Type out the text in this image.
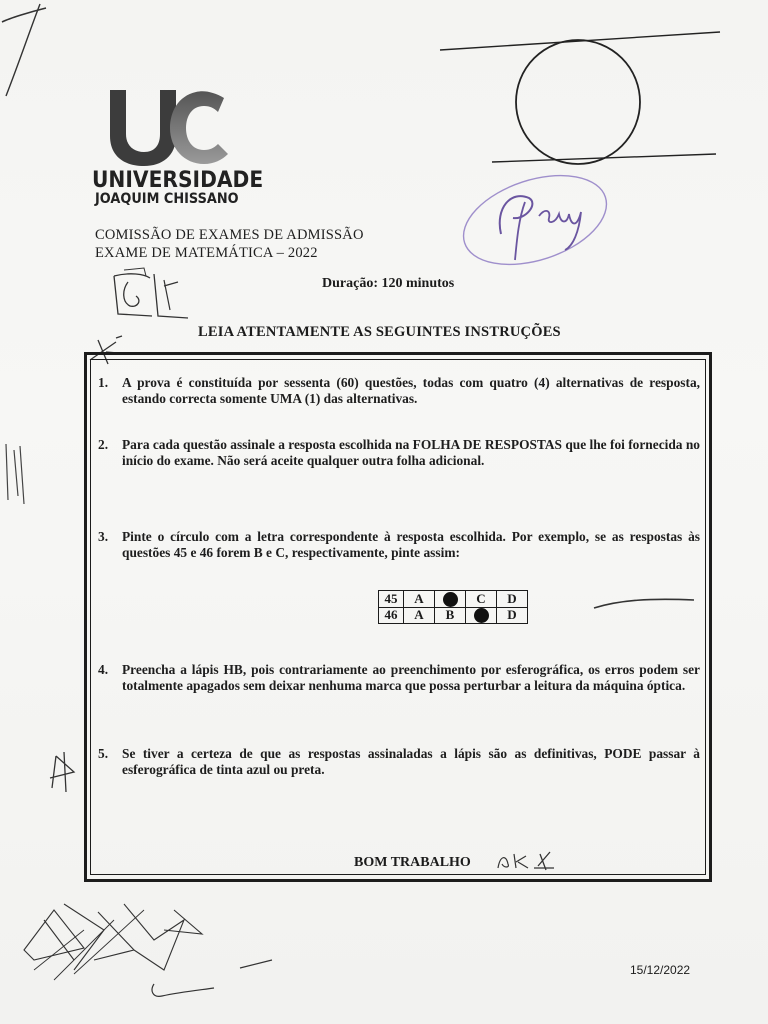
UNIVERSIDADE
JOAQUIM CHISSANO
COMISSÃO DE EXAMES DE ADMISSÃO
EXAME DE MATEMÁTICA – 2022
Duração: 120 minutos
LEIA ATENTAMENTE AS SEGUINTES INSTRUÇÕES
1. A prova é constituída por sessenta (60) questões, todas com quatro (4) alternativas de resposta, estando correcta somente UMA (1) das alternativas.
2. Para cada questão assinale a resposta escolhida na FOLHA DE RESPOSTAS que lhe foi fornecida no início do exame. Não será aceite qualquer outra folha adicional.
3. Pinte o círculo com a letra correspondente à resposta escolhida. Por exemplo, se as respostas às questões 45 e 46 forem B e C, respectivamente, pinte assim:
45	A		C	D
46	A	B		D
4. Preencha a lápis HB, pois contrariamente ao preenchimento por esferográfica, os erros podem ser totalmente apagados sem deixar nenhuma marca que possa perturbar a leitura da máquina óptica.
5. Se tiver a certeza de que as respostas assinaladas a lápis são as definitivas, PODE passar à esferográfica de tinta azul ou preta.
BOM TRABALHO
15/12/2022
